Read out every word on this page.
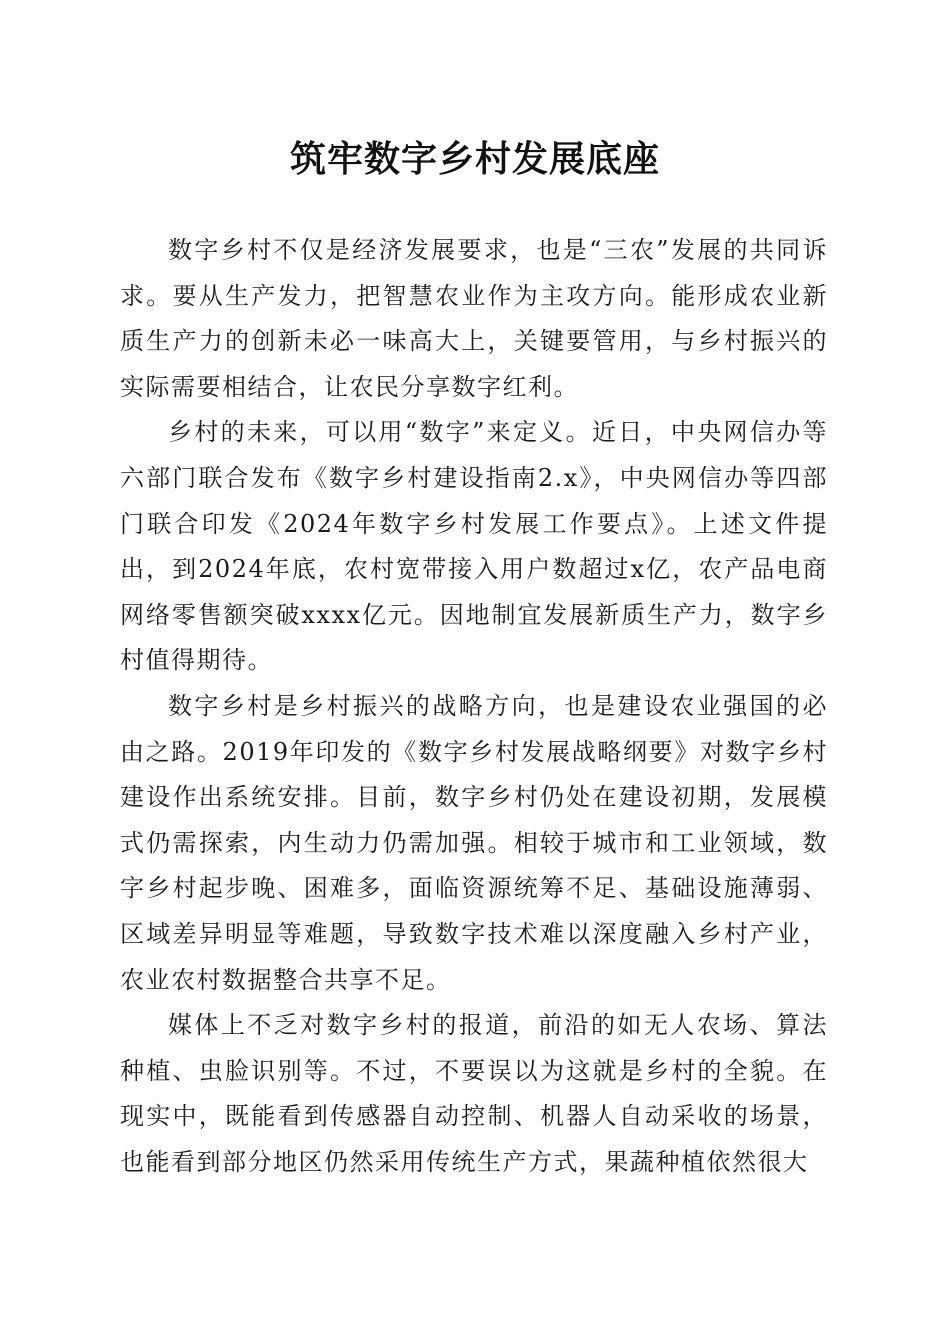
筑牢数字乡村发展底座

数字乡村不仅是经济发展要求，也是“三农”发展的共同诉求。要从生产发力，把智慧农业作为主攻方向。能形成农业新质生产力的创新未必一味高大上，关键要管用，与乡村振兴的实际需要相结合，让农民分享数字红利。

乡村的未来，可以用“数字”来定义。近日，中央网信办等六部门联合发布《数字乡村建设指南2.x》，中央网信办等四部门联合印发《2024年数字乡村发展工作要点》。上述文件提出，到2024年底，农村宽带接入用户数超过x亿，农产品电商网络零售额突破xxxx亿元。因地制宜发展新质生产力，数字乡村值得期待。

数字乡村是乡村振兴的战略方向，也是建设农业强国的必由之路。2019年印发的《数字乡村发展战略纲要》对数字乡村建设作出系统安排。目前，数字乡村仍处在建设初期，发展模式仍需探索，内生动力仍需加强。相较于城市和工业领域，数字乡村起步晚、困难多，面临资源统筹不足、基础设施薄弱、区域差异明显等难题，导致数字技术难以深度融入乡村产业，农业农村数据整合共享不足。

媒体上不乏对数字乡村的报道，前沿的如无人农场、算法种植、虫脸识别等。不过，不要误以为这就是乡村的全貌。在现实中，既能看到传感器自动控制、机器人自动采收的场景，也能看到部分地区仍然采用传统生产方式，果蔬种植依然很大
